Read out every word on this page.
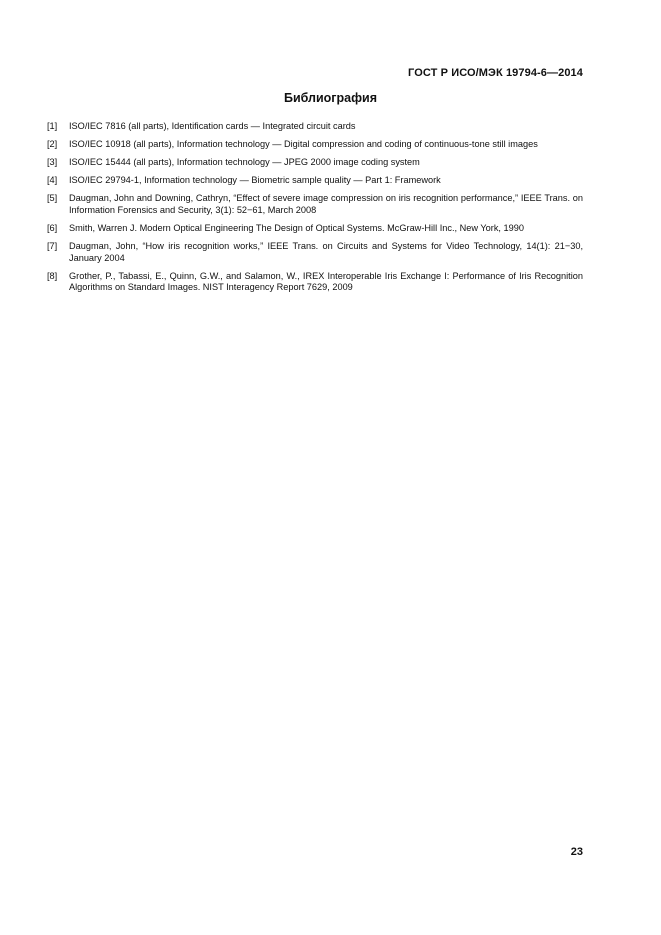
ГОСТ Р ИСО/МЭК 19794-6—2014
Библиография
[1]	ISO/IEC 7816 (all parts), Identification cards — Integrated circuit cards
[2]	ISO/IEC 10918 (all parts), Information technology — Digital compression and coding of continuous-tone still images
[3]	ISO/IEC 15444 (all parts), Information technology — JPEG 2000 image coding system
[4]	ISO/IEC 29794-1, Information technology — Biometric sample quality — Part 1: Framework
[5]	Daugman, John and Downing, Cathryn, “Effect of severe image compression on iris recognition performance,” IEEE Trans. on Information Forensics and Security, 3(1): 52−61, March 2008
[6]	Smith, Warren J. Modern Optical Engineering The Design of Optical Systems. McGraw-Hill Inc., New York, 1990
[7]	Daugman, John, “How iris recognition works,” IEEE Trans. on Circuits and Systems for Video Technology, 14(1): 21−30, January 2004
[8]	Grother, P., Tabassi, E., Quinn, G.W., and Salamon, W., IREX Interoperable Iris Exchange I: Performance of Iris Recognition Algorithms on Standard Images. NIST Interagency Report 7629, 2009
23
